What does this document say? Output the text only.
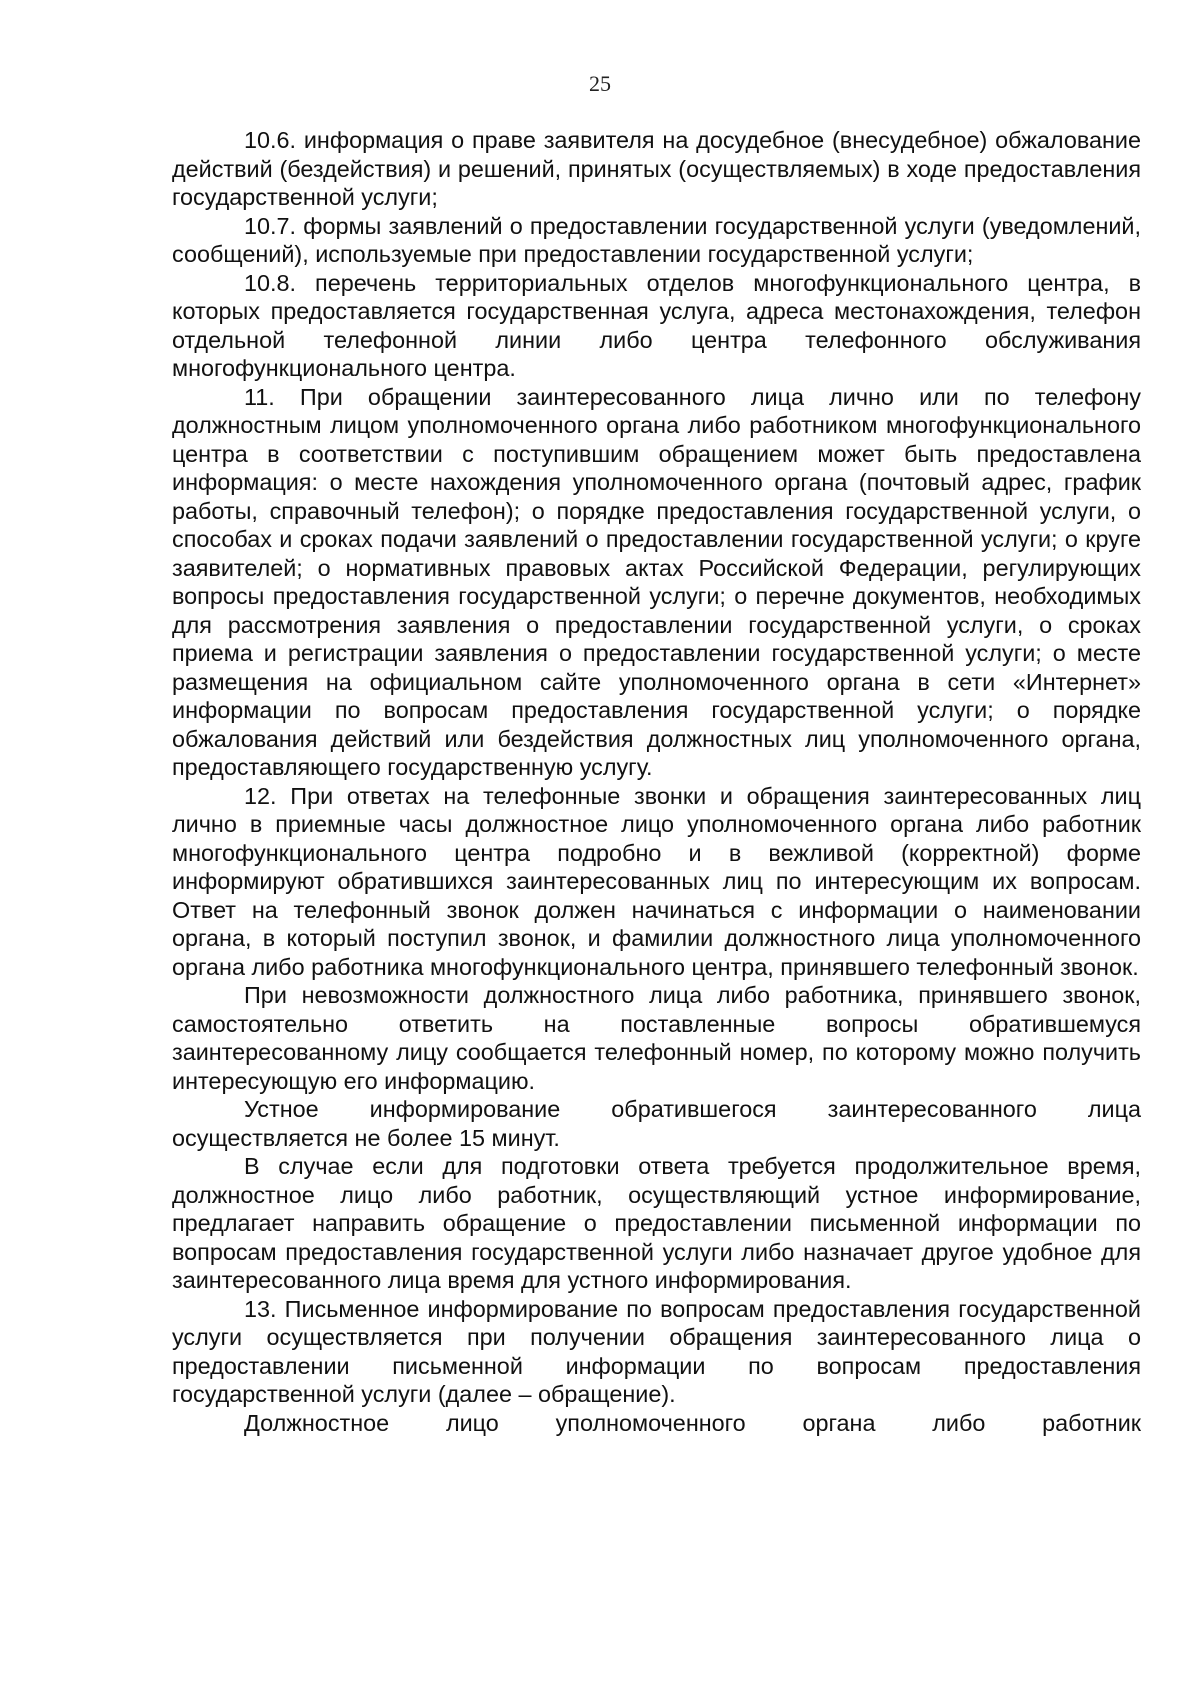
25

10.6. информация о праве заявителя на досудебное (внесудебное) обжалование действий (бездействия) и решений, принятых (осуществляемых) в ходе предоставления государственной услуги;

10.7. формы заявлений о предоставлении государственной услуги (уведомлений, сообщений), используемые при предоставлении государственной услуги;

10.8. перечень территориальных отделов многофункционального центра, в которых предоставляется государственная услуга, адреса местонахождения, телефон отдельной телефонной линии либо центра телефонного обслуживания многофункционального центра.

11. При обращении заинтересованного лица лично или по телефону должностным лицом уполномоченного органа либо работником многофункционального центра в соответствии с поступившим обращением может быть предоставлена информация: о месте нахождения уполномоченного органа (почтовый адрес, график работы, справочный телефон); о порядке предоставления государственной услуги, о способах и сроках подачи заявлений о предоставлении государственной услуги; о круге заявителей; о нормативных правовых актах Российской Федерации, регулирующих вопросы предоставления государственной услуги; о перечне документов, необходимых для рассмотрения заявления о предоставлении государственной услуги, о сроках приема и регистрации заявления о предоставлении государственной услуги; о месте размещения на официальном сайте уполномоченного органа в сети «Интернет» информации по вопросам предоставления государственной услуги; о порядке обжалования действий или бездействия должностных лиц уполномоченного органа, предоставляющего государственную услугу.

12. При ответах на телефонные звонки и обращения заинтересованных лиц лично в приемные часы должностное лицо уполномоченного органа либо работник многофункционального центра подробно и в вежливой (корректной) форме информируют обратившихся заинтересованных лиц по интересующим их вопросам. Ответ на телефонный звонок должен начинаться с информации о наименовании органа, в который поступил звонок, и фамилии должностного лица уполномоченного органа либо работника многофункционального центра, принявшего телефонный звонок.

При невозможности должностного лица либо работника, принявшего звонок, самостоятельно ответить на поставленные вопросы обратившемуся заинтересованному лицу сообщается телефонный номер, по которому можно получить интересующую его информацию.

Устное информирование обратившегося заинтересованного лица осуществляется не более 15 минут.

В случае если для подготовки ответа требуется продолжительное время, должностное лицо либо работник, осуществляющий устное информирование, предлагает направить обращение о предоставлении письменной информации по вопросам предоставления государственной услуги либо назначает другое удобное для заинтересованного лица время для устного информирования.

13. Письменное информирование по вопросам предоставления государственной услуги осуществляется при получении обращения заинтересованного лица о предоставлении письменной информации по вопросам предоставления государственной услуги (далее – обращение).

Должностное лицо уполномоченного органа либо работник
